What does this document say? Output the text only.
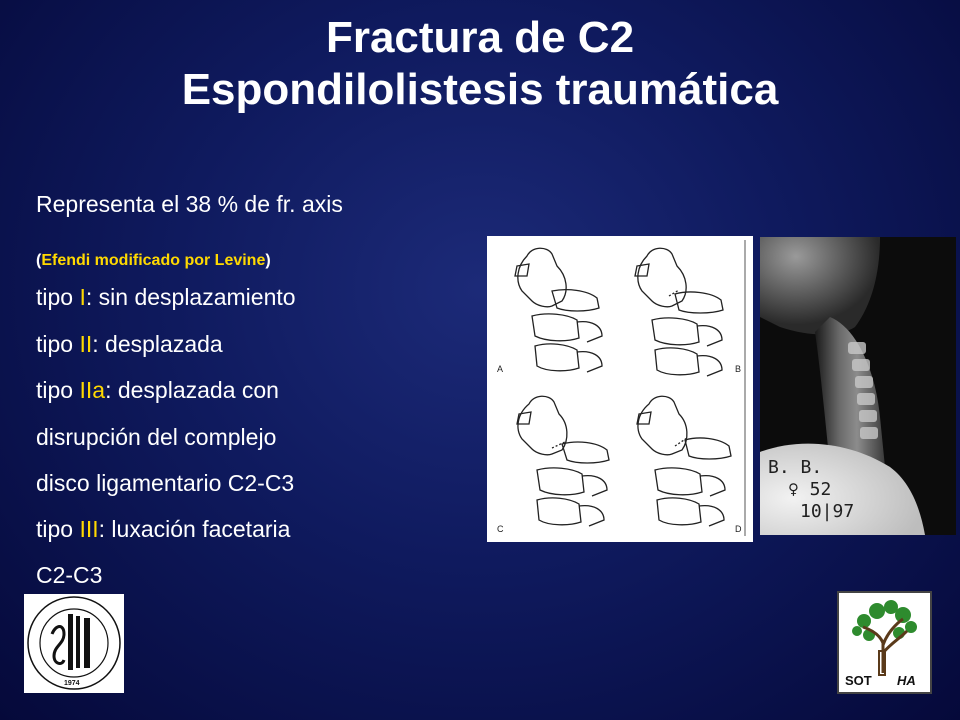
Fractura de C2
Espondilolistesis traumática
Representa el 38 % de fr. axis
(Efendi modificado por Levine)
tipo I: sin desplazamiento
tipo II: desplazada
tipo IIa: desplazada con
disrupción del complejo
disco ligamentario C2-C3
tipo III: luxación facetaria
C2-C3
A	B
C	D
B. B.
♀ 52
10|97
1974	SOT HA
